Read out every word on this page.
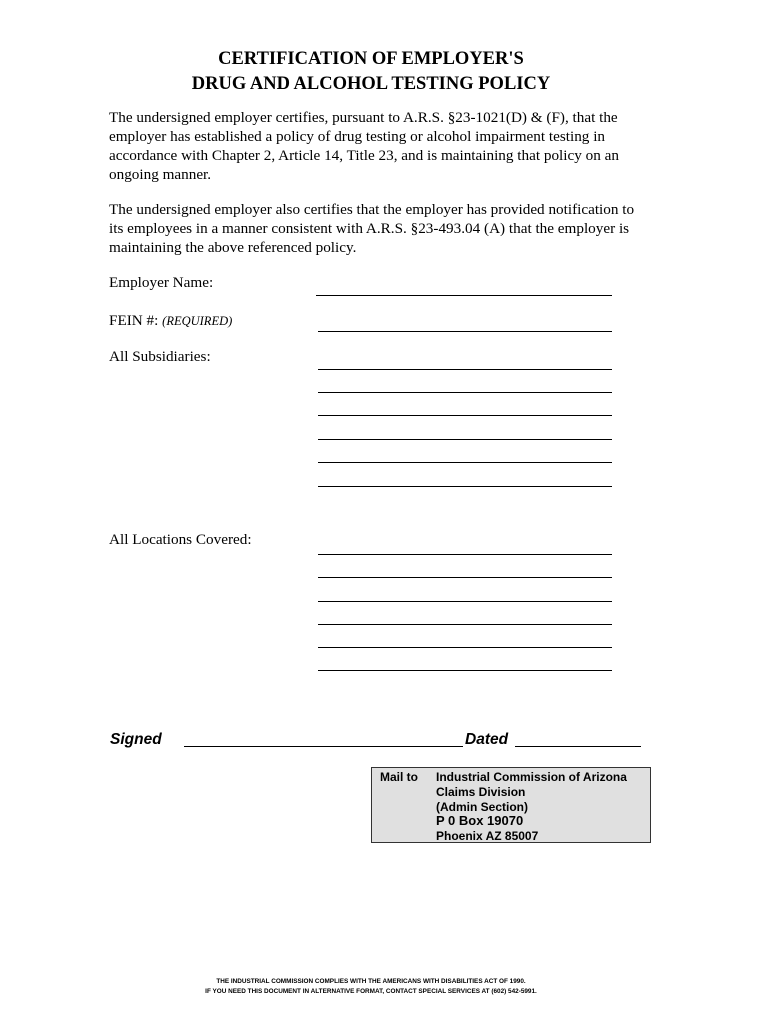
CERTIFICATION OF EMPLOYER'S
DRUG AND ALCOHOL TESTING POLICY
The undersigned employer certifies, pursuant to A.R.S. §23-1021(D) & (F), that the
employer has established a policy of drug testing or alcohol impairment testing in
accordance with Chapter 2, Article 14, Title 23, and is maintaining that policy on an
ongoing manner.
The undersigned employer also certifies that the employer has provided notification to
its employees in a manner consistent with A.R.S. §23-493.04 (A) that the employer is
maintaining the above referenced policy.
Employer Name:
FEIN #: (REQUIRED)
All Subsidiaries:
All Locations Covered:
Signed	Dated
Mail to Industrial Commission of Arizona
Claims Division
(Admin Section)
P 0 Box 19070
Phoenix AZ 85007
THE INDUSTRIAL COMMISSION COMPLIES WITH THE AMERICANS WITH DISABILITIES ACT OF 1990.
IF YOU NEED THIS DOCUMENT IN ALTERNATIVE FORMAT, CONTACT SPECIAL SERVICES AT (602) 542-5991.
